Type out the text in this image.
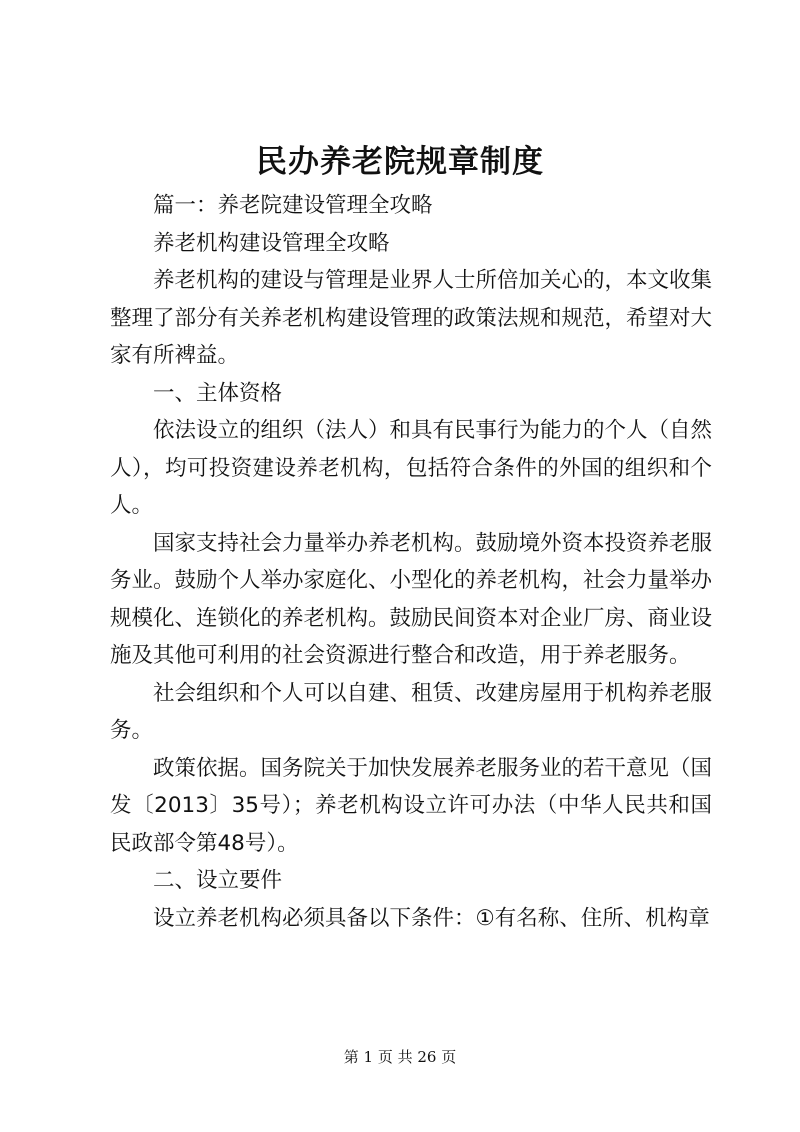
民办养老院规章制度

篇一：养老院建设管理全攻略

养老机构建设管理全攻略

养老机构的建设与管理是业界人士所倍加关心的，本文收集整理了部分有关养老机构建设管理的政策法规和规范，希望对大家有所裨益。

一、主体资格

依法设立的组织（法人）和具有民事行为能力的个人（自然人），均可投资建设养老机构，包括符合条件的外国的组织和个人。

国家支持社会力量举办养老机构。鼓励境外资本投资养老服务业。鼓励个人举办家庭化、小型化的养老机构，社会力量举办规模化、连锁化的养老机构。鼓励民间资本对企业厂房、商业设施及其他可利用的社会资源进行整合和改造，用于养老服务。

社会组织和个人可以自建、租赁、改建房屋用于机构养老服务。

政策依据。国务院关于加快发展养老服务业的若干意见（国发〔2013〕35号）；养老机构设立许可办法（中华人民共和国民政部令第48号）。

二、设立要件

设立养老机构必须具备以下条件：①有名称、住所、机构章

第 1 页 共 26 页
